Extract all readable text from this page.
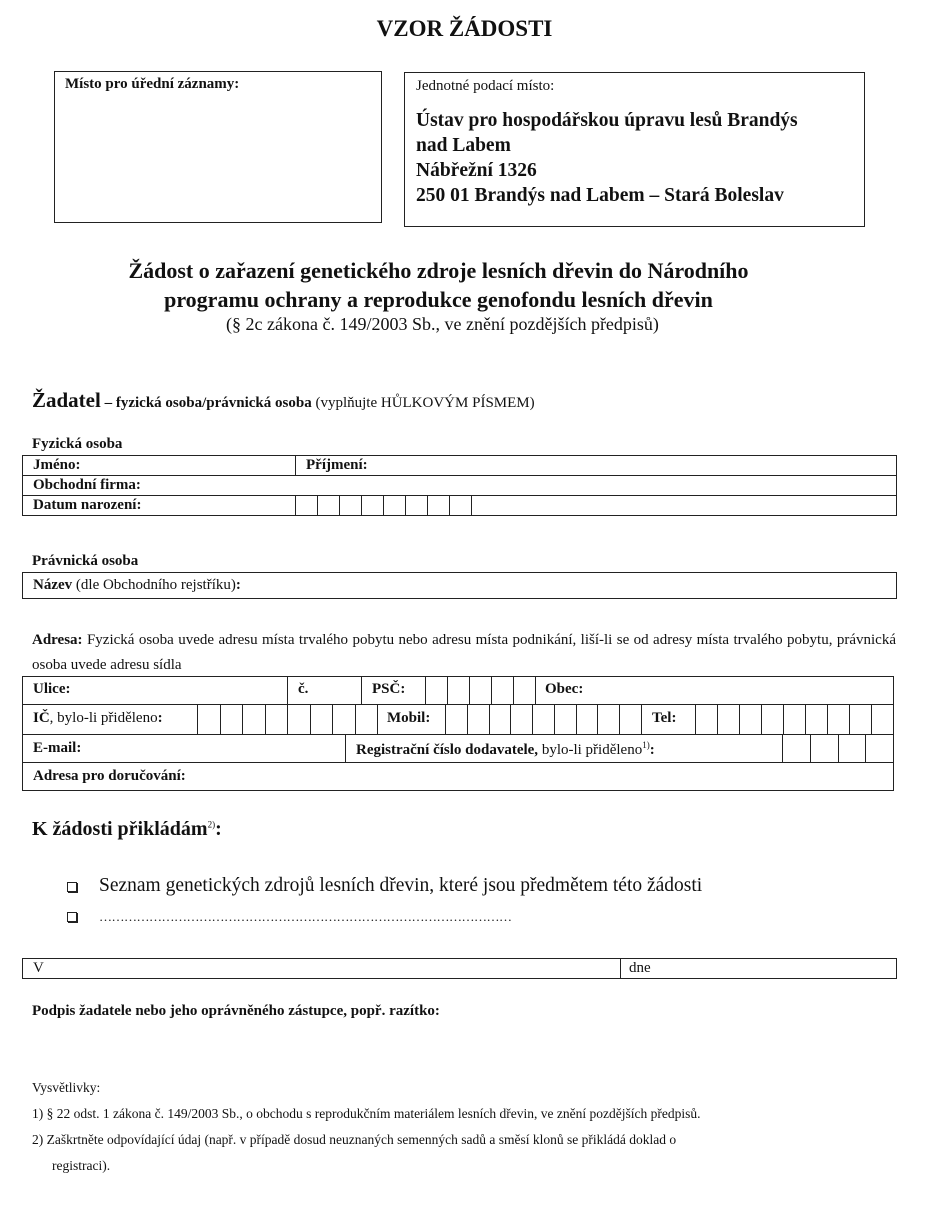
VZOR ŽÁDOSTI
Místo pro úřední záznamy:	Jednotné podací místo:
Ústav pro hospodářskou úpravu lesů Brandýs
nad Labem
Nábřežní 1326
250 01 Brandýs nad Labem – Stará Boleslav
Žádost o zařazení genetického zdroje lesních dřevin do Národního
programu ochrany a reprodukce genofondu lesních dřevin
(§ 2c zákona č. 149/2003 Sb., ve znění pozdějších předpisů)
Žadatel – fyzická osoba/právnická osoba (vyplňujte HŮLKOVÝM PÍSMEM)
Fyzická osoba
Jméno:	Příjmení:								
Obchodní firma:									
Datum narození:									
Právnická osoba
Název (dle Obchodního rejstříku):
Adresa: Fyzická osoba uvede adresu místa trvalého pobytu nebo adresu místa podnikání, liší-li se od adresy místa trvalého pobytu, právnická osoba uvede adresu sídla
Ulice:	č.	PSČ:	Obec:
IČ, bylo-li přiděleno:	Mobil:	Tel:
E-mail:	Registrační číslo dodavatele, bylo-li přiděleno$^{1)}$:
Adresa pro doručování:
K žádosti přikládám$^{2)}$:
Seznam genetických zdrojů lesních dřevin, které jsou předmětem této žádosti
………………………………………………………………………………………
V	dne
Podpis žadatele nebo jeho oprávněného zástupce, popř. razítko:
Vysvětlivky:
1) § 22 odst. 1 zákona č. 149/2003 Sb., o obchodu s reprodukčním materiálem lesních dřevin, ve znění pozdějších předpisů.
2) Zaškrtněte odpovídající údaj (např. v případě dosud neuznaných semenných sadů a směsí klonů se přikládá doklad o
registraci).
